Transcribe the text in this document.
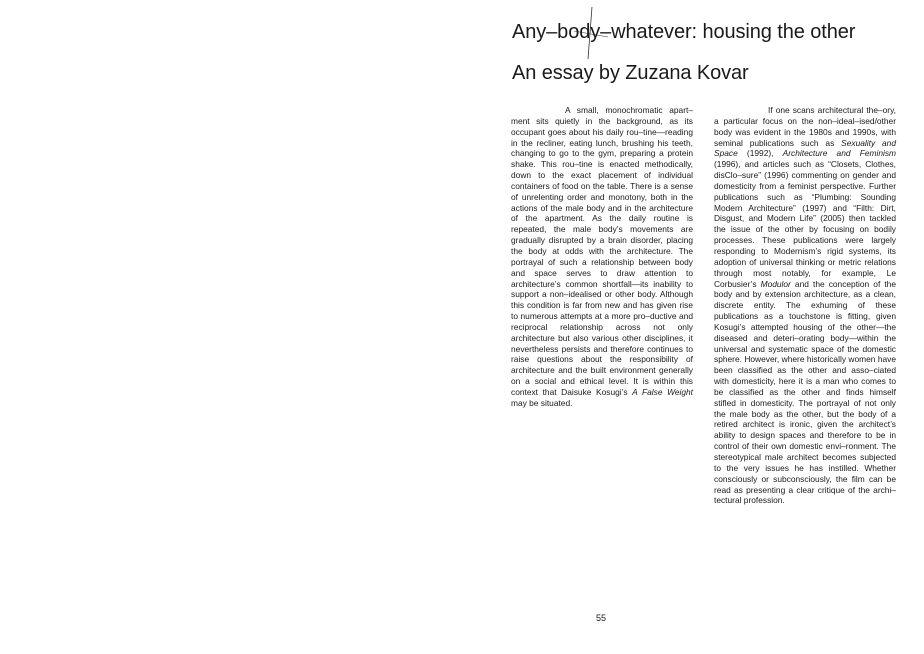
Any–body–whatever: housing the other
An essay by Zuzana Kovar

A small, monochromatic apart–ment sits quietly in the background, as its occupant goes about his daily rou–tine—reading in the recliner, eating lunch, brushing his teeth, changing to go to the gym, preparing a protein shake. This rou–tine is enacted methodically, down to the exact placement of individual containers of food on the table. There is a sense of unrelenting order and monotony, both in the actions of the male body and in the architecture of the apartment. As the daily routine is repeated, the male body’s movements are gradually disrupted by a brain disorder, placing the body at odds with the architecture. The portrayal of such a relationship between body and space serves to draw attention to architecture’s common shortfall—its inability to support a non–idealised or other body. Although this condition is far from new and has given rise to numerous attempts at a more pro–ductive and reciprocal relationship across not only architecture but also various other disciplines, it nevertheless persists and therefore continues to raise questions about the responsibility of architecture and the built environment generally on a social and ethical level. It is within this context that Daisuke Kosugi’s A False Weight may be situated.

If one scans architectural the–ory, a particular focus on the non–ideal–ised/other body was evident in the 1980s and 1990s, with seminal publications such as Sexuality and Space (1992), Architecture and Feminism (1996), and articles such as “Closets, Clothes, disClo–sure” (1996) commenting on gender and domesticity from a feminist perspective. Further publications such as “Plumbing: Sounding Modern Architecture” (1997) and “Filth: Dirt, Disgust, and Modern Life” (2005) then tackled the issue of the other by focusing on bodily processes. These publications were largely responding to Modernism’s rigid systems, its adoption of universal thinking or metric relations through most notably, for example, Le Corbusier’s Modulor and the conception of the body and by extension architecture, as a clean, discrete entity. The exhuming of these publications as a touchstone is fitting, given Kosugi’s attempted housing of the other—the diseased and deteri–orating body—within the universal and systematic space of the domestic sphere. However, where historically women have been classified as the other and asso–ciated with domesticity, here it is a man who comes to be classified as the other and finds himself stifled in domesticity. The portrayal of not only the male body as the other, but the body of a retired architect is ironic, given the architect’s ability to design spaces and therefore to be in control of their own domestic envi–ronment. The stereotypical male architect becomes subjected to the very issues he has instilled. Whether consciously or subconsciously, the film can be read as presenting a clear critique of the archi–tectural profession.

55
